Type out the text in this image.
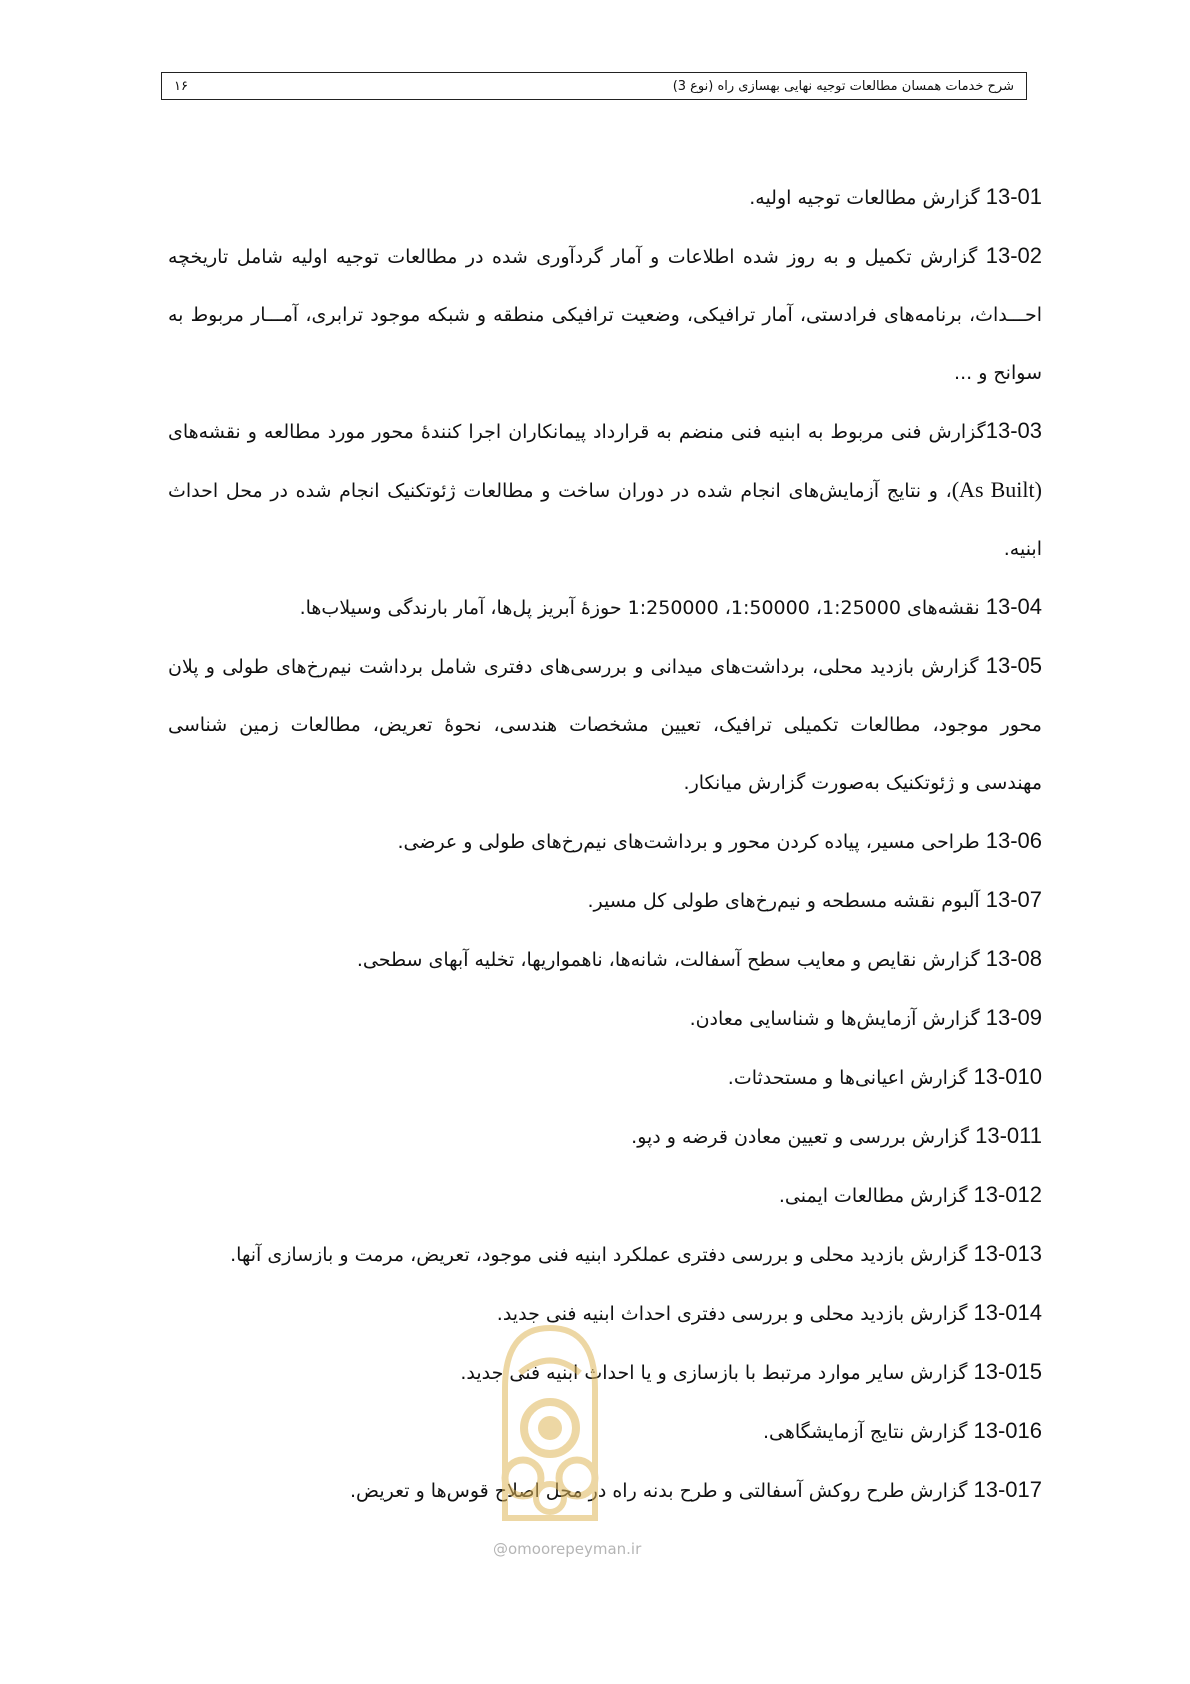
شرح خدمات همسان مطالعات توجیه نهایی بهسازی راه (نوع 3)
۱۶

13-01 گزارش مطالعات توجیه اولیه.

13-02 گزارش تکمیل و به روز شده اطلاعات و آمار گردآوری شده در مطالعات توجیه اولیه شامل تاریخچه احـــداث، برنامه‌های فرادستی، آمار ترافیکی، وضعیت ترافیکی منطقه و شبکه موجود ترابری، آمـــار مربوط به سوانح و ...

13-03گزارش فنی مربوط به ابنیه فنی منضم به قرارداد پیمانکاران اجرا کنندهٔ محور مورد مطالعه و نقشه‌های (As Built)، و نتایج آزمایش‌های انجام شده در دوران ساخت و مطالعات ژئوتکنیک انجام شده در محل احداث ابنیه.

13-04 نقشه‌های 1:25000، 1:50000، 1:250000 حوزهٔ آبریز پل‌ها، آمار بارندگی وسیلاب‌ها.

13-05 گزارش بازدید محلی، برداشت‌های میدانی و بررسی‌های دفتری شامل برداشت نیم‌رخ‌های طولی و پلان محور موجود، مطالعات تکمیلی ترافیک، تعیین مشخصات هندسی، نحوهٔ تعریض، مطالعات زمین شناسی مهندسی و ژئوتکنیک به‌صورت گزارش میانکار.

13-06 طراحی مسیر، پیاده کردن محور و برداشت‌های نیم‌رخ‌های طولی و عرضی.

13-07 آلبوم نقشه مسطحه و نیم‌رخ‌های طولی کل مسیر.

13-08 گزارش نقایص و معایب سطح آسفالت، شانه‌ها، ناهمواریها، تخلیه آبهای سطحی.

13-09 گزارش آزمایش‌ها و شناسایی معادن.

13-010 گزارش اعیانی‌ها و مستحدثات.

13-011 گزارش بررسی و تعیین معادن قرضه و دپو.

13-012 گزارش مطالعات ایمنی.

13-013 گزارش بازدید محلی و بررسی دفتری عملکرد ابنیه فنی موجود، تعریض، مرمت و بازسازی آنها.

13-014 گزارش بازدید محلی و بررسی دفتری احداث ابنیه فنی جدید.

13-015 گزارش سایر موارد مرتبط با بازسازی و یا احداث ابنیه فنی جدید.

13-016 گزارش نتایج آزمایشگاهی.

13-017 گزارش طرح روکش آسفالتی و طرح بدنه راه در محل اصلاح قوس‌ها و تعریض.

@omoorepeyman.ir
